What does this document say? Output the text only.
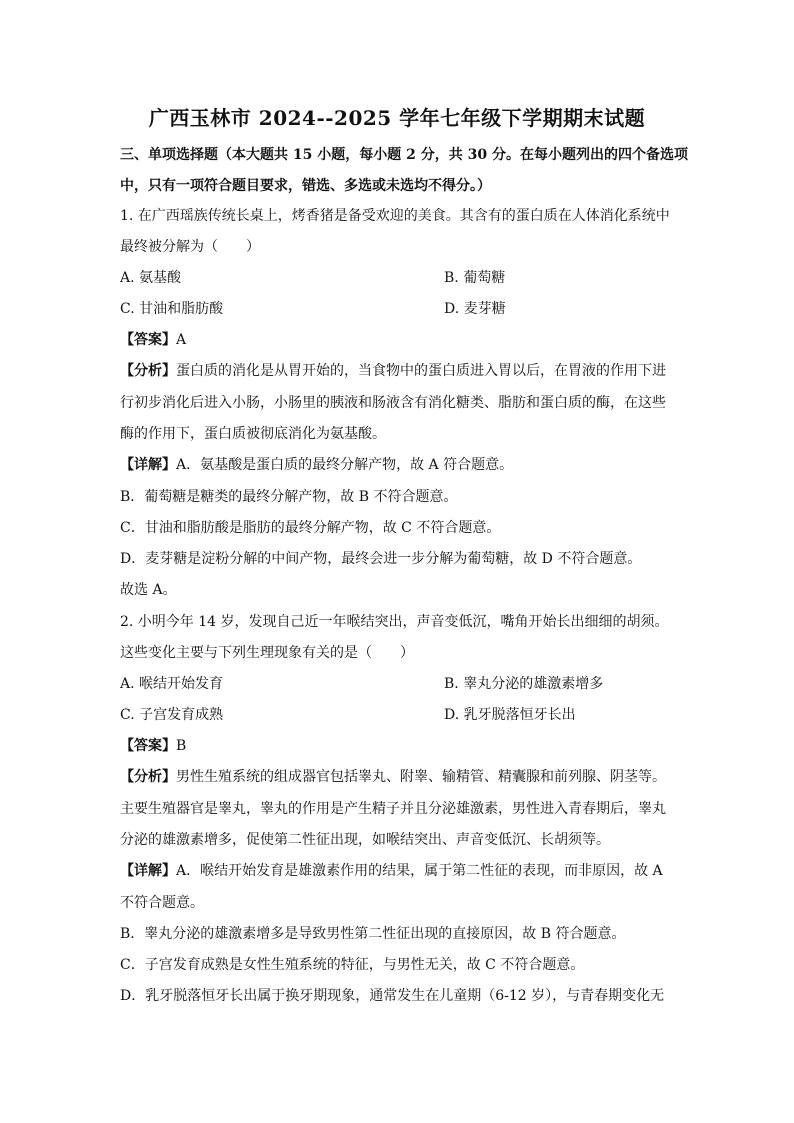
广西玉林市 2024--2025 学年七年级下学期期末试题
三、单项选择题（本大题共 15 小题，每小题 2 分，共 30 分。在每小题列出的四个备选项
中，只有一项符合题目要求，错选、多选或未选均不得分。）
1. 在广西瑶族传统长桌上，烤香猪是备受欢迎的美食。其含有的蛋白质在人体消化系统中
最终被分解为（　　）
A. 氨基酸	B. 葡萄糖
C. 甘油和脂肪酸	D. 麦芽糖
【答案】A
【分析】蛋白质的消化是从胃开始的，当食物中的蛋白质进入胃以后，在胃液的作用下进
行初步消化后进入小肠，小肠里的胰液和肠液含有消化糖类、脂肪和蛋白质的酶，在这些
酶的作用下，蛋白质被彻底消化为氨基酸。
【详解】A．氨基酸是蛋白质的最终分解产物，故 A 符合题意。
B．葡萄糖是糖类的最终分解产物，故 B 不符合题意。
C．甘油和脂肪酸是脂肪的最终分解产物，故 C 不符合题意。
D．麦芽糖是淀粉分解的中间产物，最终会进一步分解为葡萄糖，故 D 不符合题意。
故选 A。
2. 小明今年 14 岁，发现自己近一年喉结突出，声音变低沉，嘴角开始长出细细的胡须。
这些变化主要与下列生理现象有关的是（　　）
A. 喉结开始发育	B. 睾丸分泌的雄激素增多
C. 子宫发育成熟	D. 乳牙脱落恒牙长出
【答案】B
【分析】男性生殖系统的组成器官包括睾丸、附睾、输精管、精囊腺和前列腺、阴茎等。
主要生殖器官是睾丸，睾丸的作用是产生精子并且分泌雄激素，男性进入青春期后，睾丸
分泌的雄激素增多，促使第二性征出现，如喉结突出、声音变低沉、长胡须等。
【详解】A．喉结开始发育是雄激素作用的结果，属于第二性征的表现，而非原因，故 A
不符合题意。
B．睾丸分泌的雄激素增多是导致男性第二性征出现的直接原因，故 B 符合题意。
C．子宫发育成熟是女性生殖系统的特征，与男性无关，故 C 不符合题意。
D．乳牙脱落恒牙长出属于换牙期现象，通常发生在儿童期（6-12 岁），与青春期变化无
